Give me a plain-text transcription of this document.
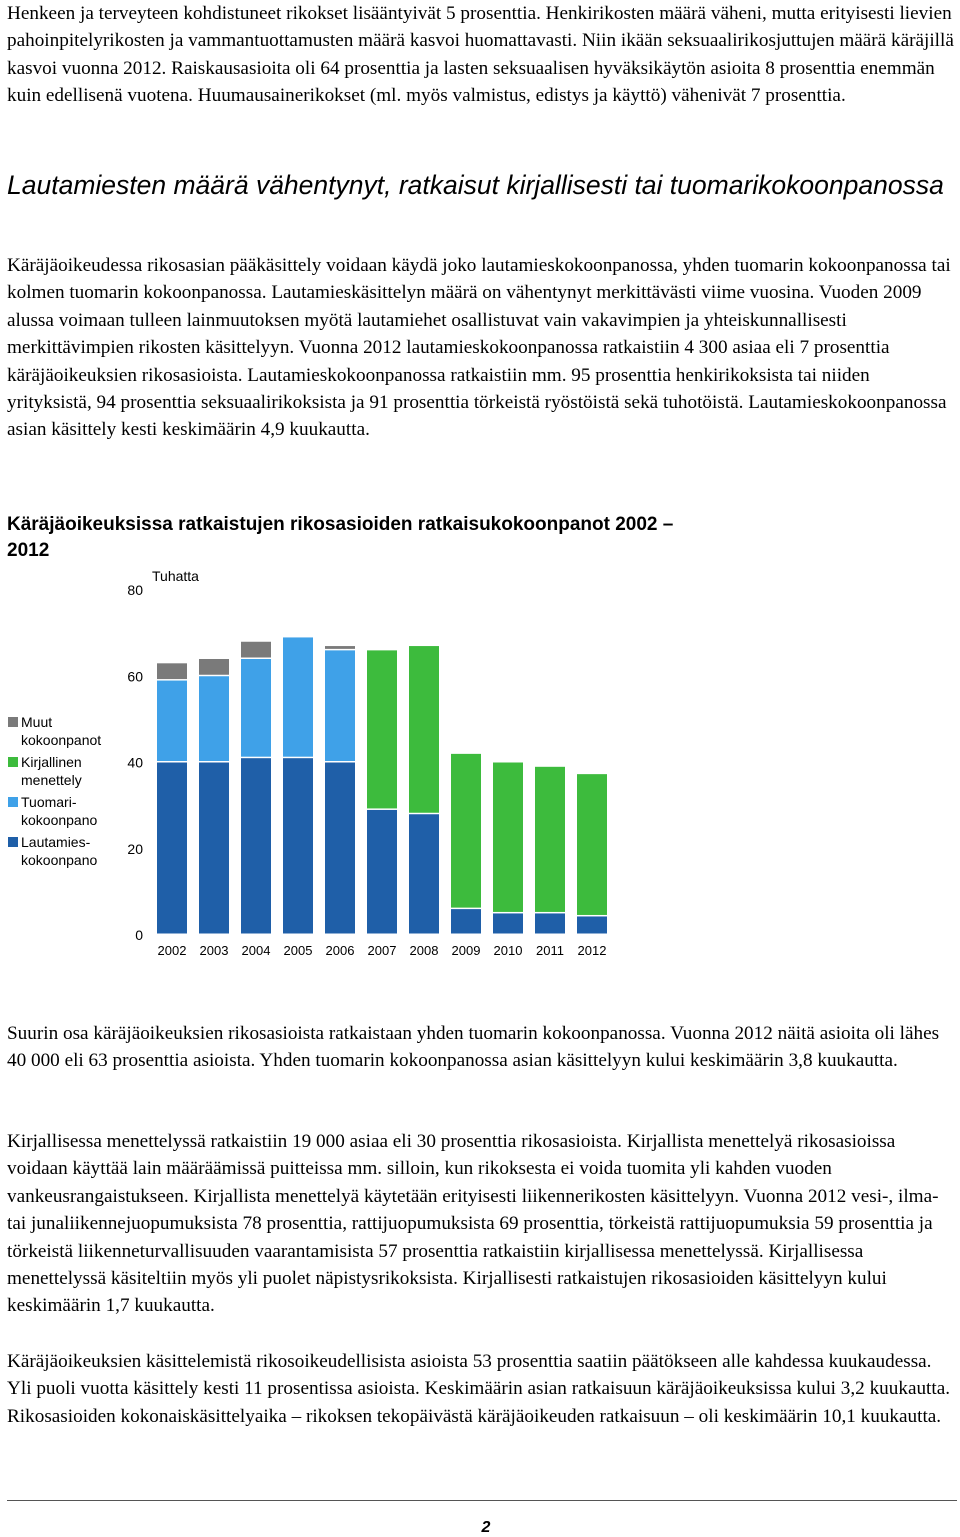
Henkeen ja terveyteen kohdistuneet rikokset lisääntyivät 5 prosenttia. Henkirikosten määrä väheni, mutta erityisesti lievien pahoinpitelyrikosten ja vammantuottamusten määrä kasvoi huomattavasti. Niin ikään seksuaalirikosjuttujen määrä käräjillä kasvoi vuonna 2012. Raiskausasioita oli 64 prosenttia ja lasten seksuaalisen hyväksikäytön asioita 8 prosenttia enemmän kuin edellisenä vuotena. Huumausainerikokset (ml. myös valmistus, edistys ja käyttö) vähenivät 7 prosenttia.

Lautamiesten määrä vähentynyt, ratkaisut kirjallisesti tai tuomarikokoonpanossa

Käräjäoikeudessa rikosasian pääkäsittely voidaan käydä joko lautamieskokoonpanossa, yhden tuomarin kokoonpanossa tai kolmen tuomarin kokoonpanossa. Lautamieskäsittelyn määrä on vähentynyt merkittävästi viime vuosina. Vuoden 2009 alussa voimaan tulleen lainmuutoksen myötä lautamiehet osallistuvat vain vakavimpien ja yhteiskunnallisesti merkittävimpien rikosten käsittelyyn. Vuonna 2012 lautamieskokoonpanossa ratkaistiin 4 300 asiaa eli 7 prosenttia käräjäoikeuksien rikosasioista. Lautamieskokoonpanossa ratkaistiin mm. 95 prosenttia henkirikoksista tai niiden yrityksistä, 94 prosenttia seksuaalirikoksista ja 91 prosenttia törkeistä ryöstöistä sekä tuhotöistä. Lautamieskokoonpanossa asian käsittely kesti keskimäärin 4,9 kuukautta.

Käräjäoikeuksissa ratkaistujen rikosasioiden ratkaisukokoonpanot 2002 – 2012
Tuhatta
0
20
40
60
80
2002 2003 2004 2005 2006 2007 2008 2009 2010 2011 2012
Muut
kokoonpanot
Kirjallinen
menettely
Tuomari-
kokoonpano
Lautamies-
kokoonpano

Suurin osa käräjäoikeuksien rikosasioista ratkaistaan yhden tuomarin kokoonpanossa. Vuonna 2012 näitä asioita oli lähes 40 000 eli 63 prosenttia asioista. Yhden tuomarin kokoonpanossa asian käsittelyyn kului keskimäärin 3,8 kuukautta.

Kirjallisessa menettelyssä ratkaistiin 19 000 asiaa eli 30 prosenttia rikosasioista. Kirjallista menettelyä rikosasioissa voidaan käyttää lain määräämissä puitteissa mm. silloin, kun rikoksesta ei voida tuomita yli kahden vuoden vankeusrangaistukseen. Kirjallista menettelyä käytetään erityisesti liikennerikosten käsittelyyn. Vuonna 2012 vesi-, ilma- tai junaliikennejuopumuksista 78 prosenttia, rattijuopumuksista 69 prosenttia, törkeistä rattijuopumuksia 59 prosenttia ja törkeistä liikenneturvallisuuden vaarantamisista 57 prosenttia ratkaistiin kirjallisessa menettelyssä. Kirjallisessa menettelyssä käsiteltiin myös yli puolet näpistysrikoksista. Kirjallisesti ratkaistujen rikosasioiden käsittelyyn kului keskimäärin 1,7 kuukautta.

Käräjäoikeuksien käsittelemistä rikosoikeudellisista asioista 53 prosenttia saatiin päätökseen alle kahdessa kuukaudessa. Yli puoli vuotta käsittely kesti 11 prosentissa asioista. Keskimäärin asian ratkaisuun käräjäoikeuksissa kului 3,2 kuukautta. Rikosasioiden kokonaiskäsittelyaika – rikoksen tekopäivästä käräjäoikeuden ratkaisuun – oli keskimäärin 10,1 kuukautta.

2
